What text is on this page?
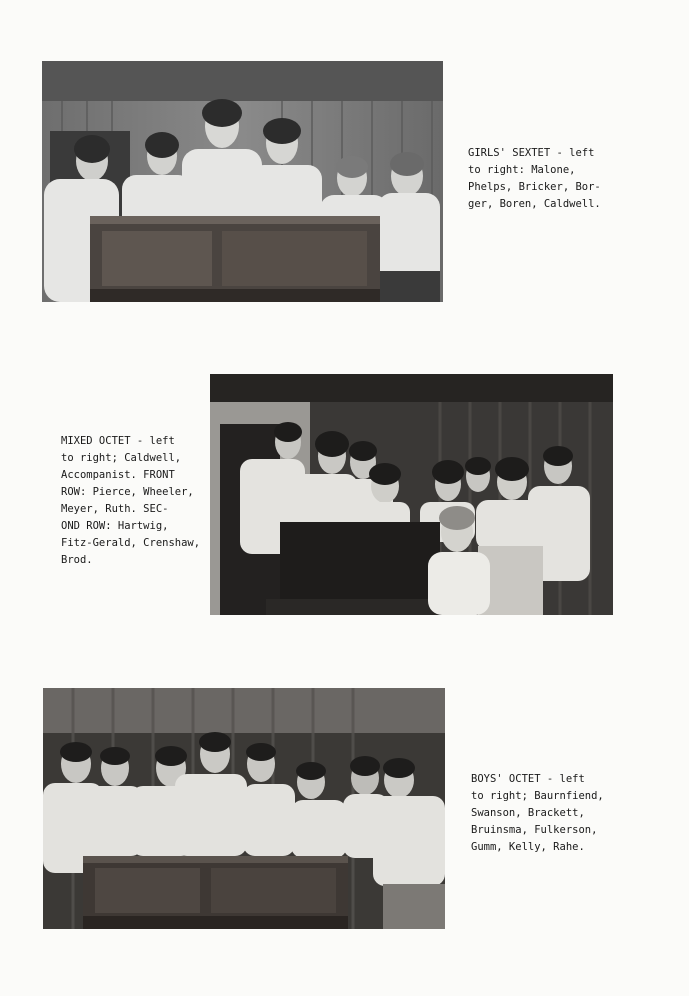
GIRLS' SEXTET - left
to right: Malone,
Phelps, Bricker, Bor-
ger, Boren, Caldwell.
MIXED OCTET - left
to right; Caldwell,
Accompanist. FRONT
ROW: Pierce, Wheeler,
Meyer, Ruth. SEC-
OND ROW: Hartwig,
Fitz-Gerald, Crenshaw,
Brod.
BOYS' OCTET - left
to right; Baurnfiend,
Swanson, Brackett,
Bruinsma, Fulkerson,
Gumm, Kelly, Rahe.
